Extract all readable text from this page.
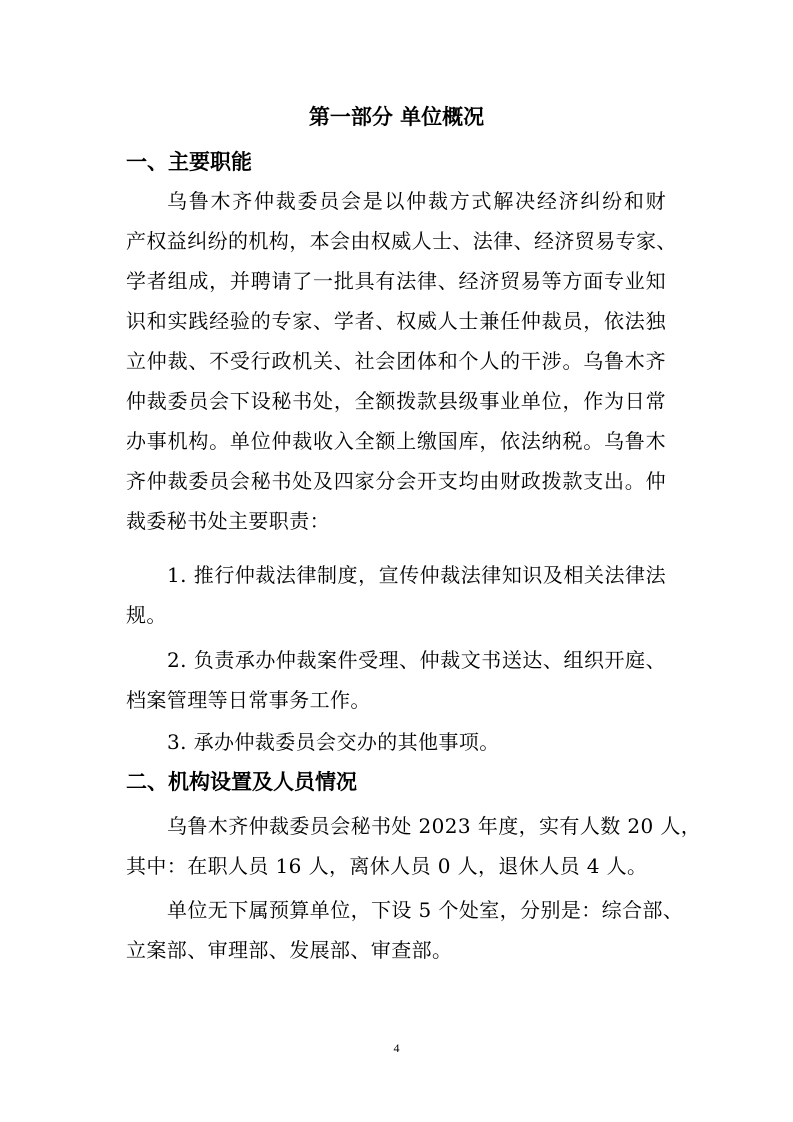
第一部分 单位概况
一、主要职能
乌鲁木齐仲裁委员会是以仲裁方式解决经济纠纷和财
产权益纠纷的机构，本会由权威人士、法律、经济贸易专家、
学者组成，并聘请了一批具有法律、经济贸易等方面专业知
识和实践经验的专家、学者、权威人士兼任仲裁员，依法独
立仲裁、不受行政机关、社会团体和个人的干涉。乌鲁木齐
仲裁委员会下设秘书处，全额拨款县级事业单位，作为日常
办事机构。单位仲裁收入全额上缴国库，依法纳税。乌鲁木
齐仲裁委员会秘书处及四家分会开支均由财政拨款支出。仲
裁委秘书处主要职责：
1. 推行仲裁法律制度，宣传仲裁法律知识及相关法律法
规。
2. 负责承办仲裁案件受理、仲裁文书送达、组织开庭、
档案管理等日常事务工作。
3. 承办仲裁委员会交办的其他事项。
二、机构设置及人员情况
乌鲁木齐仲裁委员会秘书处 2023 年度，实有人数 20 人，
其中：在职人员 16 人，离休人员 0 人，退休人员 4 人。
单位无下属预算单位，下设 5 个处室，分别是：综合部、
立案部、审理部、发展部、审查部。
4
